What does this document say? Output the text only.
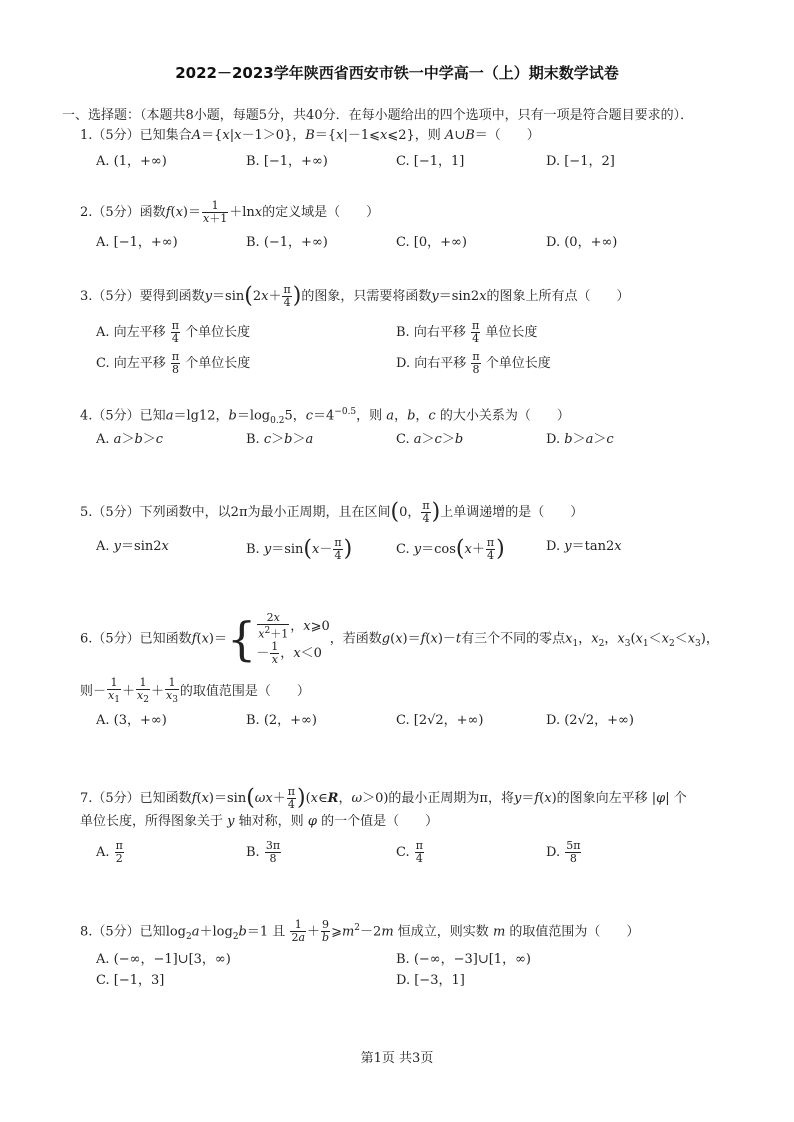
2022－2023学年陕西省西安市铁一中学高一（上）期末数学试卷
一、选择题：（本题共8小题，每题5分，共40分．在每小题给出的四个选项中，只有一项是符合题目要求的）．
1.（5分）已知集合A＝{x|x－1＞0}，B＝{x|－1⩽x⩽2}，则 A∪B＝（　　）
A. (1，+∞)	B. [−1，+∞)	C. [−1，1]	D. [−1，2]
2.（5分）函数$f(x)= \frac{1}{x+1} +\ln x$的定义域是（　　）
A. [−1，+∞)	B. (−1，+∞)	C. [0，+∞)	D. (0，+∞)
3.（5分）要得到函数$y=\sin(2x+ \frac{\pi}{4}$ )的图象，只需要将函数y＝sin2x的图象上所有点（　　）
A. 向左平移 $\frac{\pi}{4}$ 个单位长度	B. 向右平移 $\frac{\pi}{4}$ 单位长度
C. 向左平移 $\frac{\pi}{8}$ 个单位长度	D. 向右平移 $\frac{\pi}{8}$ 个单位长度
4.（5分）已知a＝lg12，$b=\log_{0.2}5$，$c=4^{-0.5}$，则 a，b，c 的大小关系为（　　）
A. a＞b＞c	B. c＞b＞a	C. a＞c＞b	D. b＞a＞c
5.（5分）下列函数中，以2π为最小正周期，且在区间(0， $\frac{\pi}{4}$ )上单调递增的是（　　）
A. y＝sin2x	B. $y=\sin(x- \frac{\pi}{4}$ )	C. $y=\cos(x+ \frac{\pi}{4}$ )	D. y＝tan2x
6.（5分）已知函数$f(x)=\{ \frac{2x}{x^2+1}$ ，x⩾0
－ $\frac{1}{x}$ ，x＜0，若函数g(x)＝f(x)－t有三个不同的零点$x_1$，$x_2$，$x_3(x_1<x_2<x_3)$，
则－ $\frac{1}{x_1} + \frac{1}{x_2} + \frac{1}{x_3}$ 的取值范围是（　　）
A. (3，+∞)	B. (2，+∞)	C. [2√2，+∞)	D. (2√2，+∞)
7.（5分）已知函数$f(x)=\sin(\omega x+ \frac{\pi}{4}$ )(x∈R，ω＞0)的最小正周期为π，将y＝f(x)的图象向左平移 |φ| 个
单位长度，所得图象关于 y 轴对称，则 φ 的一个值是（　　）
A. $\frac{\pi}{2}$	B. $\frac{3\pi}{8}$	C. $\frac{\pi}{4}$	D. $\frac{5\pi}{8}$
8.（5分）已知$\log_2a+\log_2b=1$ 且 $\frac{1}{2a} + \frac{9}{b}$ $⩾m^2-2m$ 恒成立，则实数 m 的取值范围为（　　）
A. (−∞，−1]∪[3，∞)	B. (−∞，−3]∪[1，∞)
C. [−1，3]	D. [−3，1]
第1页 共3页
